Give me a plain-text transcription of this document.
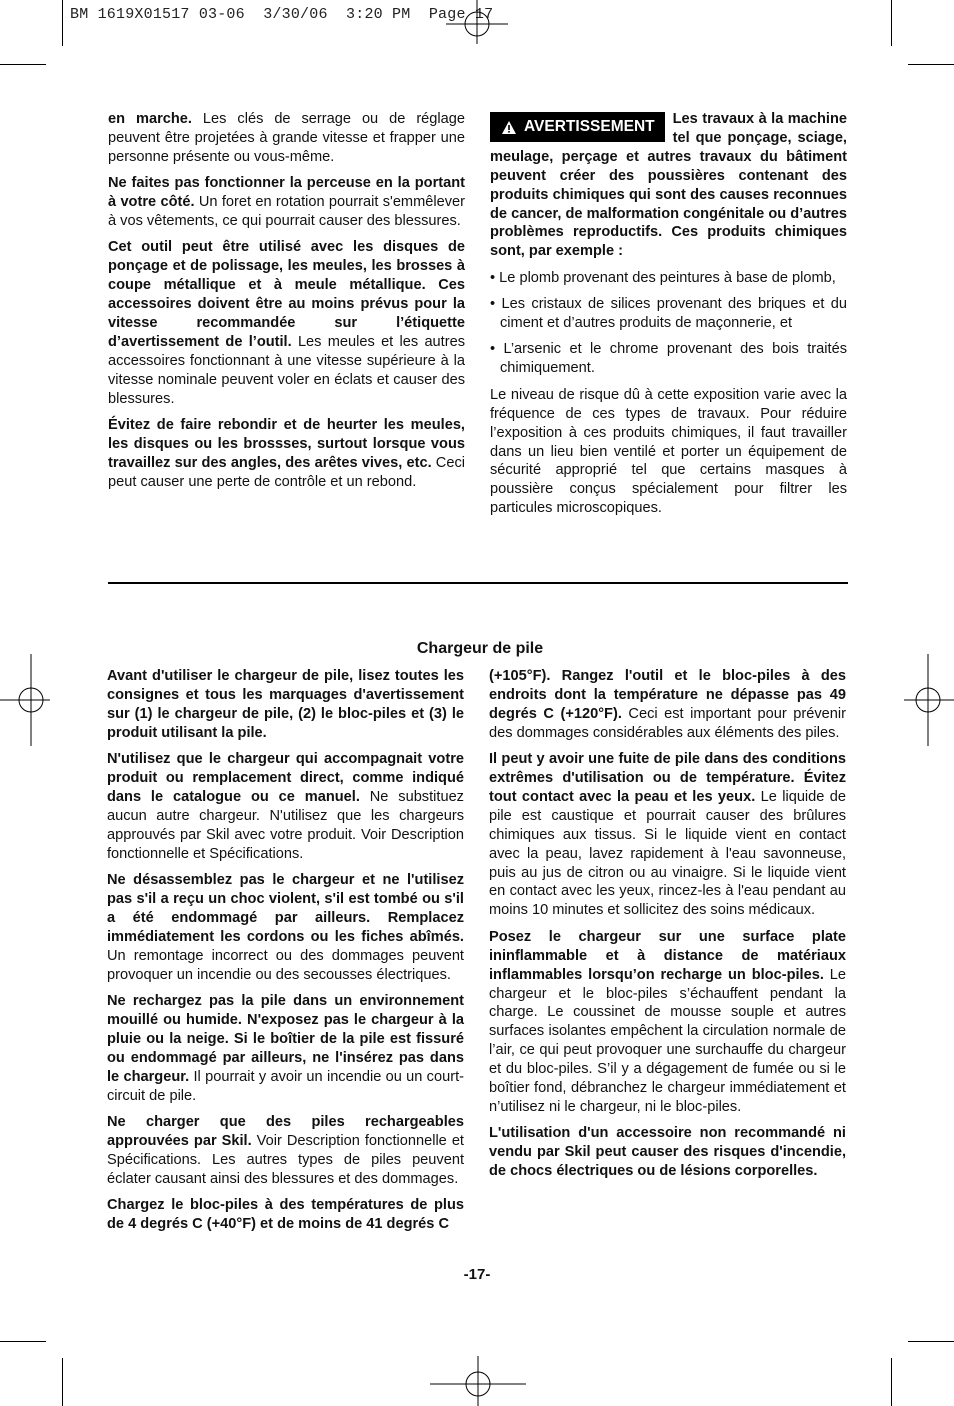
BM 1619X01517 03-06  3/30/06  3:20 PM  Page 17

en marche. Les clés de serrage ou de réglage peuvent être projetées à grande vitesse et frapper une personne présente ou vous-même.

Ne faites pas fonctionner la perceuse en la portant à votre côté. Un foret en rotation pourrait s'emmêlever à vos vêtements, ce qui pourrait causer des blessures.

Cet outil peut être utilisé avec les disques de ponçage et de polissage, les meules, les brosses à coupe métallique et à meule métallique. Ces accessoires doivent être au moins prévus pour la vitesse recommandée sur l’étiquette d’avertissement de l’outil. Les meules et les autres accessoires fonctionnant à une vitesse supérieure à la vitesse nominale peuvent voler en éclats et causer des blessures.

Évitez de faire rebondir et de heurter les meules, les disques ou les brossses, surtout lorsque vous travaillez sur des angles, des arêtes vives, etc. Ceci peut causer une perte de contrôle et un rebond.

AVERTISSEMENT Les travaux à la machine tel que ponçage, sciage, meulage, perçage et autres travaux du bâtiment peuvent créer des poussières contenant des produits chimiques qui sont des causes reconnues de cancer, de malformation congénitale ou d’autres problèmes reproductifs. Ces produits chimiques sont, par exemple :

• Le plomb provenant des peintures à base de plomb,
• Les cristaux de silices provenant des briques et du ciment et d’autres produits de maçonnerie, et
• L’arsenic et le chrome provenant des bois traités chimiquement.

Le niveau de risque dû à cette exposition varie avec la fréquence de ces types de travaux. Pour réduire l’exposition à ces produits chimiques, il faut travailler dans un lieu bien ventilé et porter un équipement de sécurité approprié tel que certains masques à poussière conçus spécialement pour filtrer les particules microscopiques.

Chargeur de pile

Avant d'utiliser le chargeur de pile, lisez toutes les consignes et tous les marquages d'avertissement sur (1) le chargeur de pile, (2) le bloc-piles et (3) le produit utilisant la pile.

N'utilisez que le chargeur qui accompagnait votre produit ou remplacement direct, comme indiqué dans le catalogue ou ce manuel. Ne substituez aucun autre chargeur. N'utilisez que les chargeurs approuvés par Skil avec votre produit. Voir Description fonctionnelle et Spécifications.

Ne désassemblez pas le chargeur et ne l'utilisez pas s'il a reçu un choc violent, s'il est tombé ou s'il a été endommagé par ailleurs. Remplacez immédiatement les cordons ou les fiches abîmés. Un remontage incorrect ou des dommages peuvent provoquer un incendie ou des secousses électriques.

Ne rechargez pas la pile dans un environnement mouillé ou humide. N'exposez pas le chargeur à la pluie ou la neige. Si le boîtier de la pile est fissuré ou endommagé par ailleurs, ne l'insérez pas dans le chargeur. Il pourrait y avoir un incendie ou un court-circuit de pile.

Ne charger que des piles rechargeables approuvées par Skil. Voir Description fonctionnelle et Spécifications. Les autres types de piles peuvent éclater causant ainsi des blessures et des dommages.

Chargez le bloc-piles à des températures de plus de 4 degrés C (+40°F) et de moins de 41 degrés C

(+105°F). Rangez l'outil et le bloc-piles à des endroits dont la température ne dépasse pas 49 degrés C (+120°F). Ceci est important pour prévenir des dommages considérables aux éléments des piles.

Il peut y avoir une fuite de pile dans des conditions extrêmes d'utilisation ou de température. Évitez tout contact avec la peau et les yeux. Le liquide de pile est caustique et pourrait causer des brûlures chimiques aux tissus. Si le liquide vient en contact avec la peau, lavez rapidement à l'eau savonneuse, puis au jus de citron ou au vinaigre. Si le liquide vient en contact avec les yeux, rincez-les à l'eau pendant au moins 10 minutes et sollicitez des soins médicaux.

Posez le chargeur sur une surface plate ininflammable et à distance de matériaux inflammables lorsqu’on recharge un bloc-piles. Le chargeur et le bloc-piles s’échauffent pendant la charge. Le coussinet de mousse souple et autres surfaces isolantes empêchent la circulation normale de l’air, ce qui peut provoquer une surchauffe du chargeur et du bloc-piles. S’il y a dégagement de fumée ou si le boîtier fond, débranchez le chargeur immédiatement et n’utilisez ni le chargeur, ni le bloc-piles.

L'utilisation d'un accessoire non recommandé ni vendu par Skil peut causer des risques d'incendie, de chocs électriques ou de lésions corporelles.

-17-
